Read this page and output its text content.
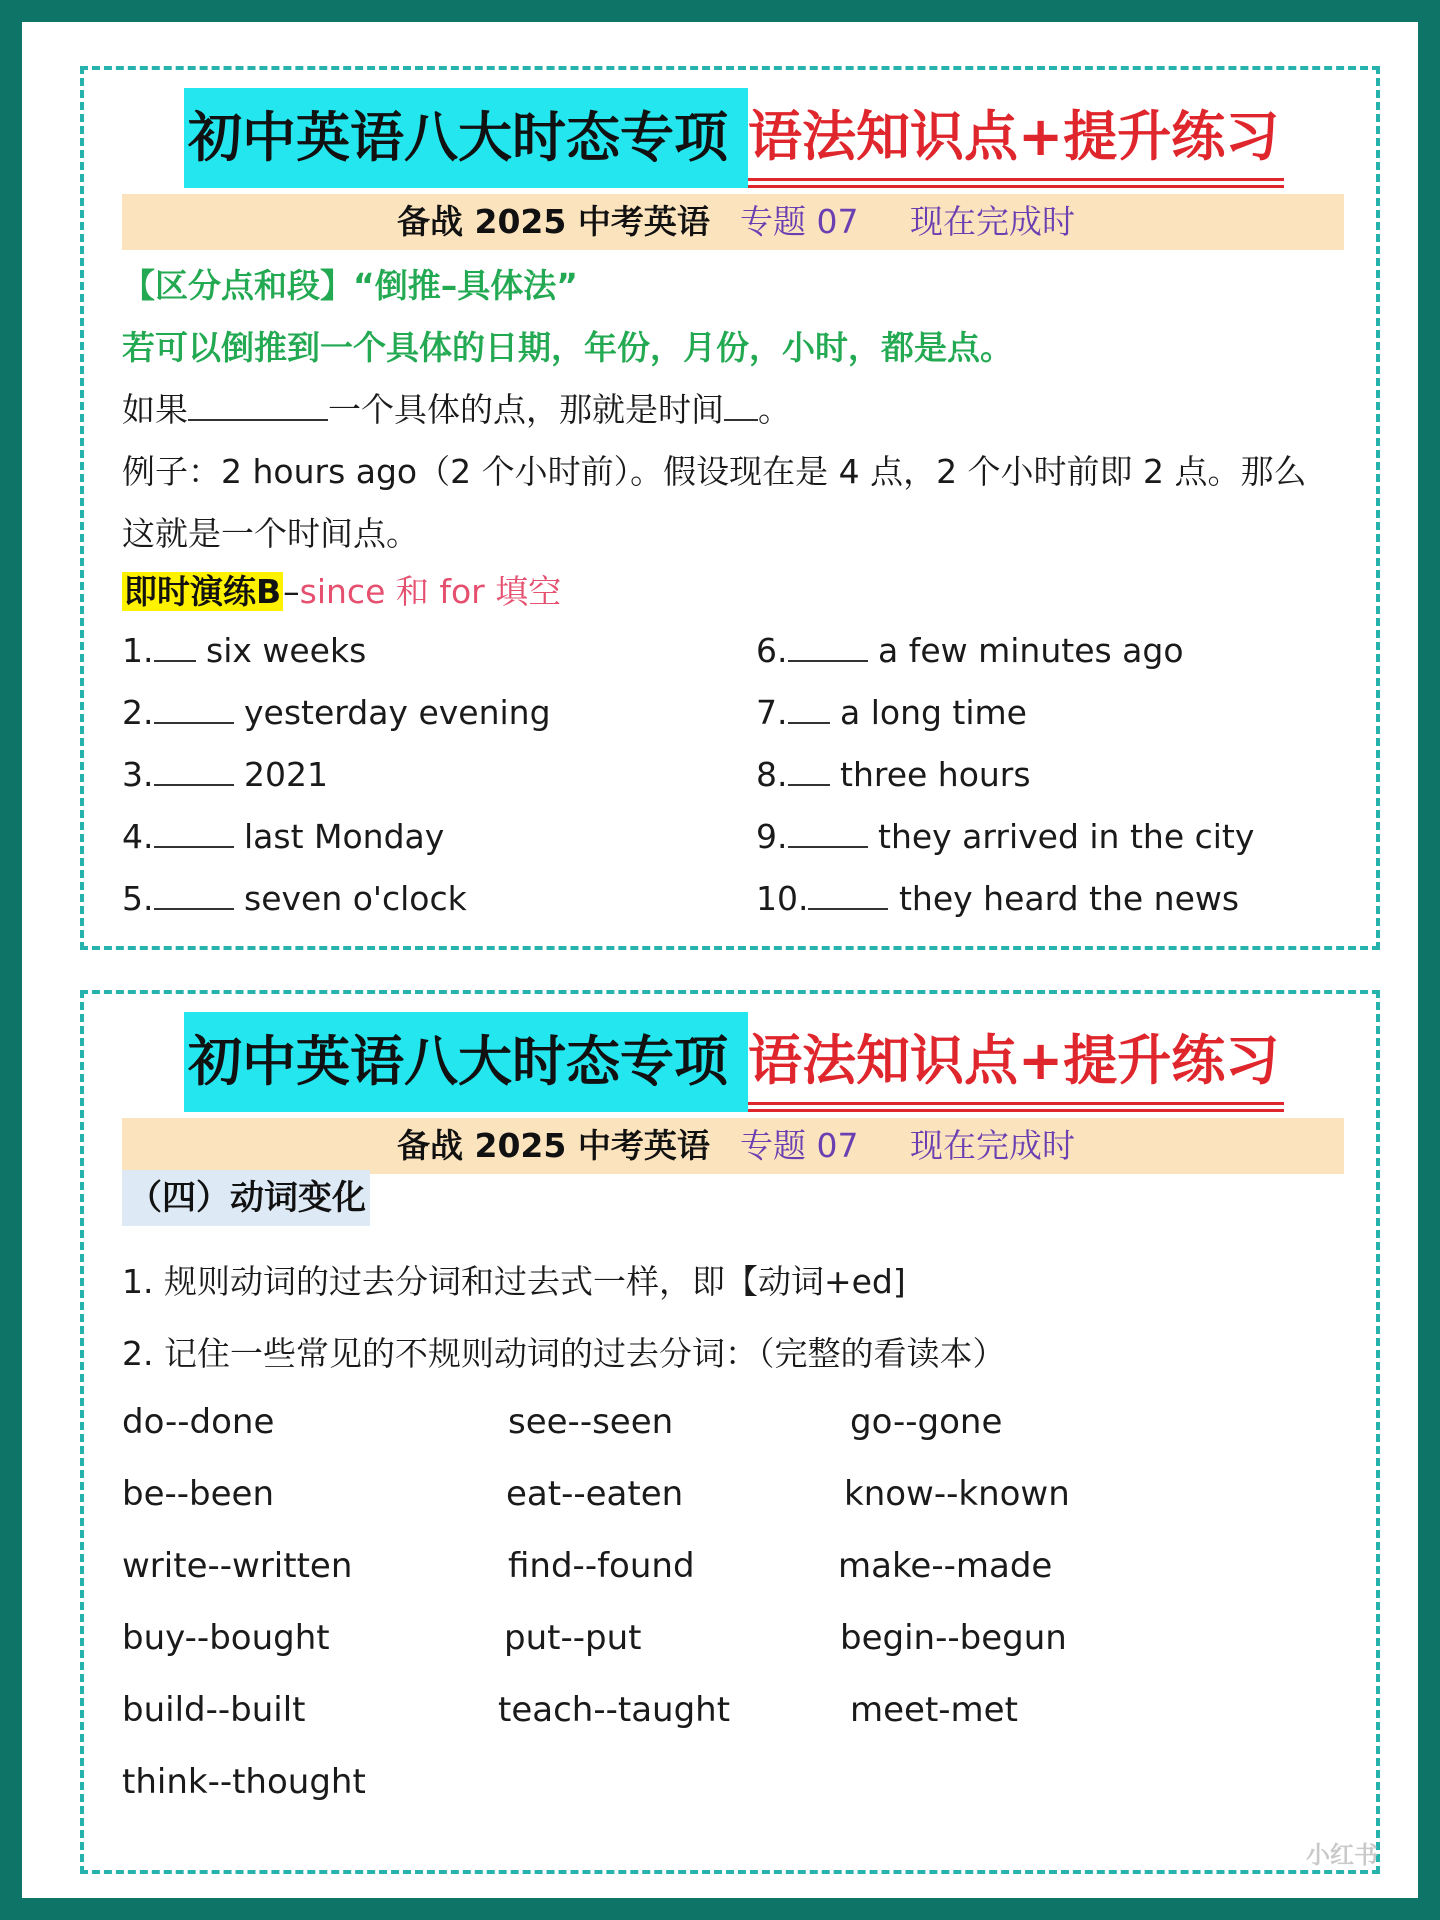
初中英语八大时态专项 语法知识点+提升练习
备战 2025 中考英语 专题 07 现在完成时
【区分点和段】“倒推–具体法”
若可以倒推到一个具体的日期，年份，月份，小时，都是点。
如果	一个具体的点，那就是时间 。
例子：2 hours ago（2 个小时前）。假设现在是 4 点，2 个小时前即 2 点。那么
这就是一个时间点。
即时演练B–since 和 for 填空
1. six weeks
2.	yesterday evening
3.	2021
4.	last Monday
5.	seven o'clock
6.	a few minutes ago
7. a long time
8. three hours
9.	they arrived in the city
10.	they heard the news
初中英语八大时态专项 语法知识点+提升练习
备战 2025 中考英语 专题 07 现在完成时
（四）动词变化
1. 规则动词的过去分词和过去式一样，即【动词+ed]
2. 记住一些常见的不规则动词的过去分词：（完整的看读本）
do--done	see--seen	go--gone
be--been	eat--eaten	know--known
write--written	find--found	make--made
buy--bought	put--put	begin--begun
build--built	teach--taught	meet-met
think--thought
小红书
